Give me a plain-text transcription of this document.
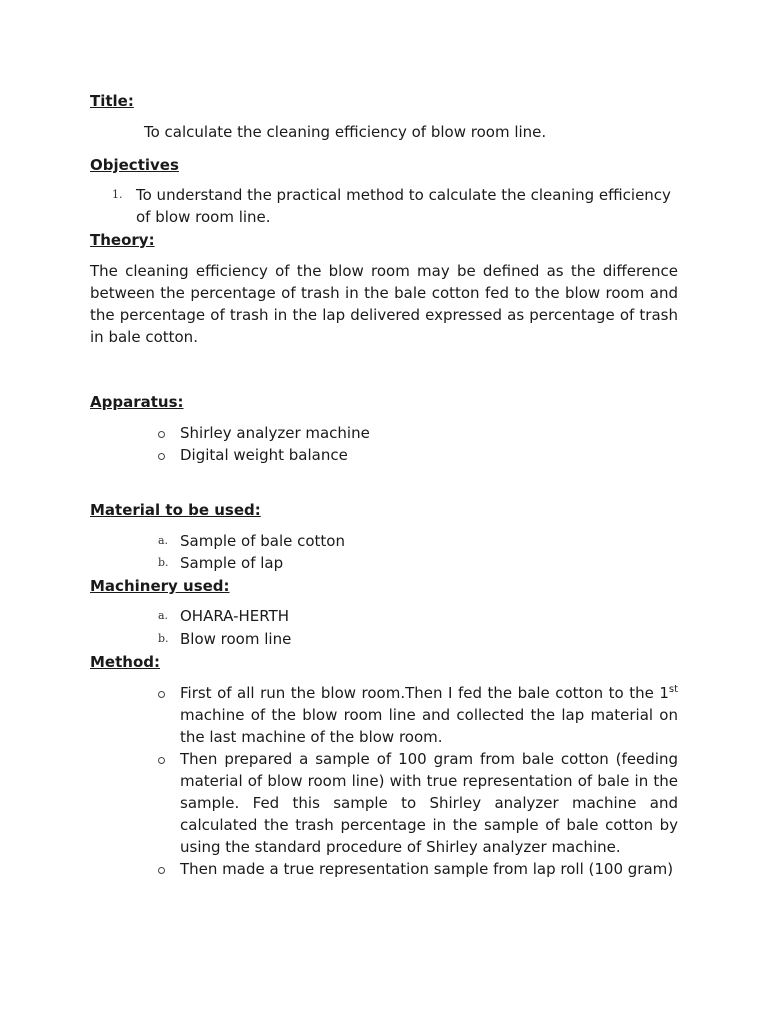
Title:

To calculate the cleaning efficiency of blow room line.

Objectives
1. To understand the practical method to calculate the cleaning efficiency

of blow room line.

Theory:

The cleaning efficiency of the blow room may be defined as the difference between the percentage of trash in the bale cotton fed to the blow room and the percentage of trash in the lap delivered expressed as percentage of trash in bale cotton.

Apparatus:

Shirley analyzer machine

Digital weight balance

Material to be used:
a. Sample of bale cotton

b. Sample of lap

Machinery used:
a. OHARA-HERTH

b. Blow room line

Method:

First of all run the blow room.Then I fed the bale cotton to the 1st machine of the blow room line and collected the lap material on the last machine of the blow room.

Then prepared a sample of 100 gram from bale cotton (feeding material of blow room line) with true representation of bale in the sample. Fed this sample to Shirley analyzer machine and calculated the trash percentage in the sample of bale cotton by using the standard procedure of Shirley analyzer machine.

Then made a true representation sample from lap roll (100 gram)
